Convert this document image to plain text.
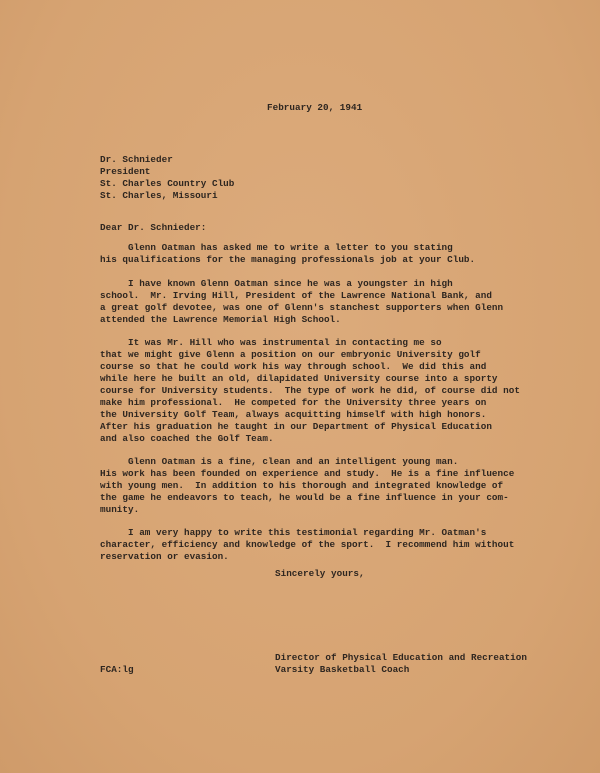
February 20, 1941
Dr. Schnieder
President
St. Charles Country Club
St. Charles, Missouri
Dear Dr. Schnieder:
Glenn Oatman has asked me to write a letter to you stating
his qualifications for the managing professionals job at your Club.
I have known Glenn Oatman since he was a youngster in high
school.  Mr. Irving Hill, President of the Lawrence National Bank, and
a great golf devotee, was one of Glenn's stanchest supporters when Glenn
attended the Lawrence Memorial High School.
It was Mr. Hill who was instrumental in contacting me so
that we might give Glenn a position on our embryonic University golf
course so that he could work his way through school.  We did this and
while here he built an old, dilapidated University course into a sporty
course for University students.  The type of work he did, of course did not
make him professional.  He competed for the University three years on
the University Golf Team, always acquitting himself with high honors.
After his graduation he taught in our Department of Physical Education
and also coached the Golf Team.
Glenn Oatman is a fine, clean and an intelligent young man.
His work has been founded on experience and study.  He is a fine influence
with young men.  In addition to his thorough and integrated knowledge of
the game he endeavors to teach, he would be a fine influence in your com-
munity.
I am very happy to write this testimonial regarding Mr. Oatman's
character, efficiency and knowledge of the sport.  I recommend him without
reservation or evasion.
Sincerely yours,
Director of Physical Education and Recreation
Varsity Basketball Coach
FCA:lg
